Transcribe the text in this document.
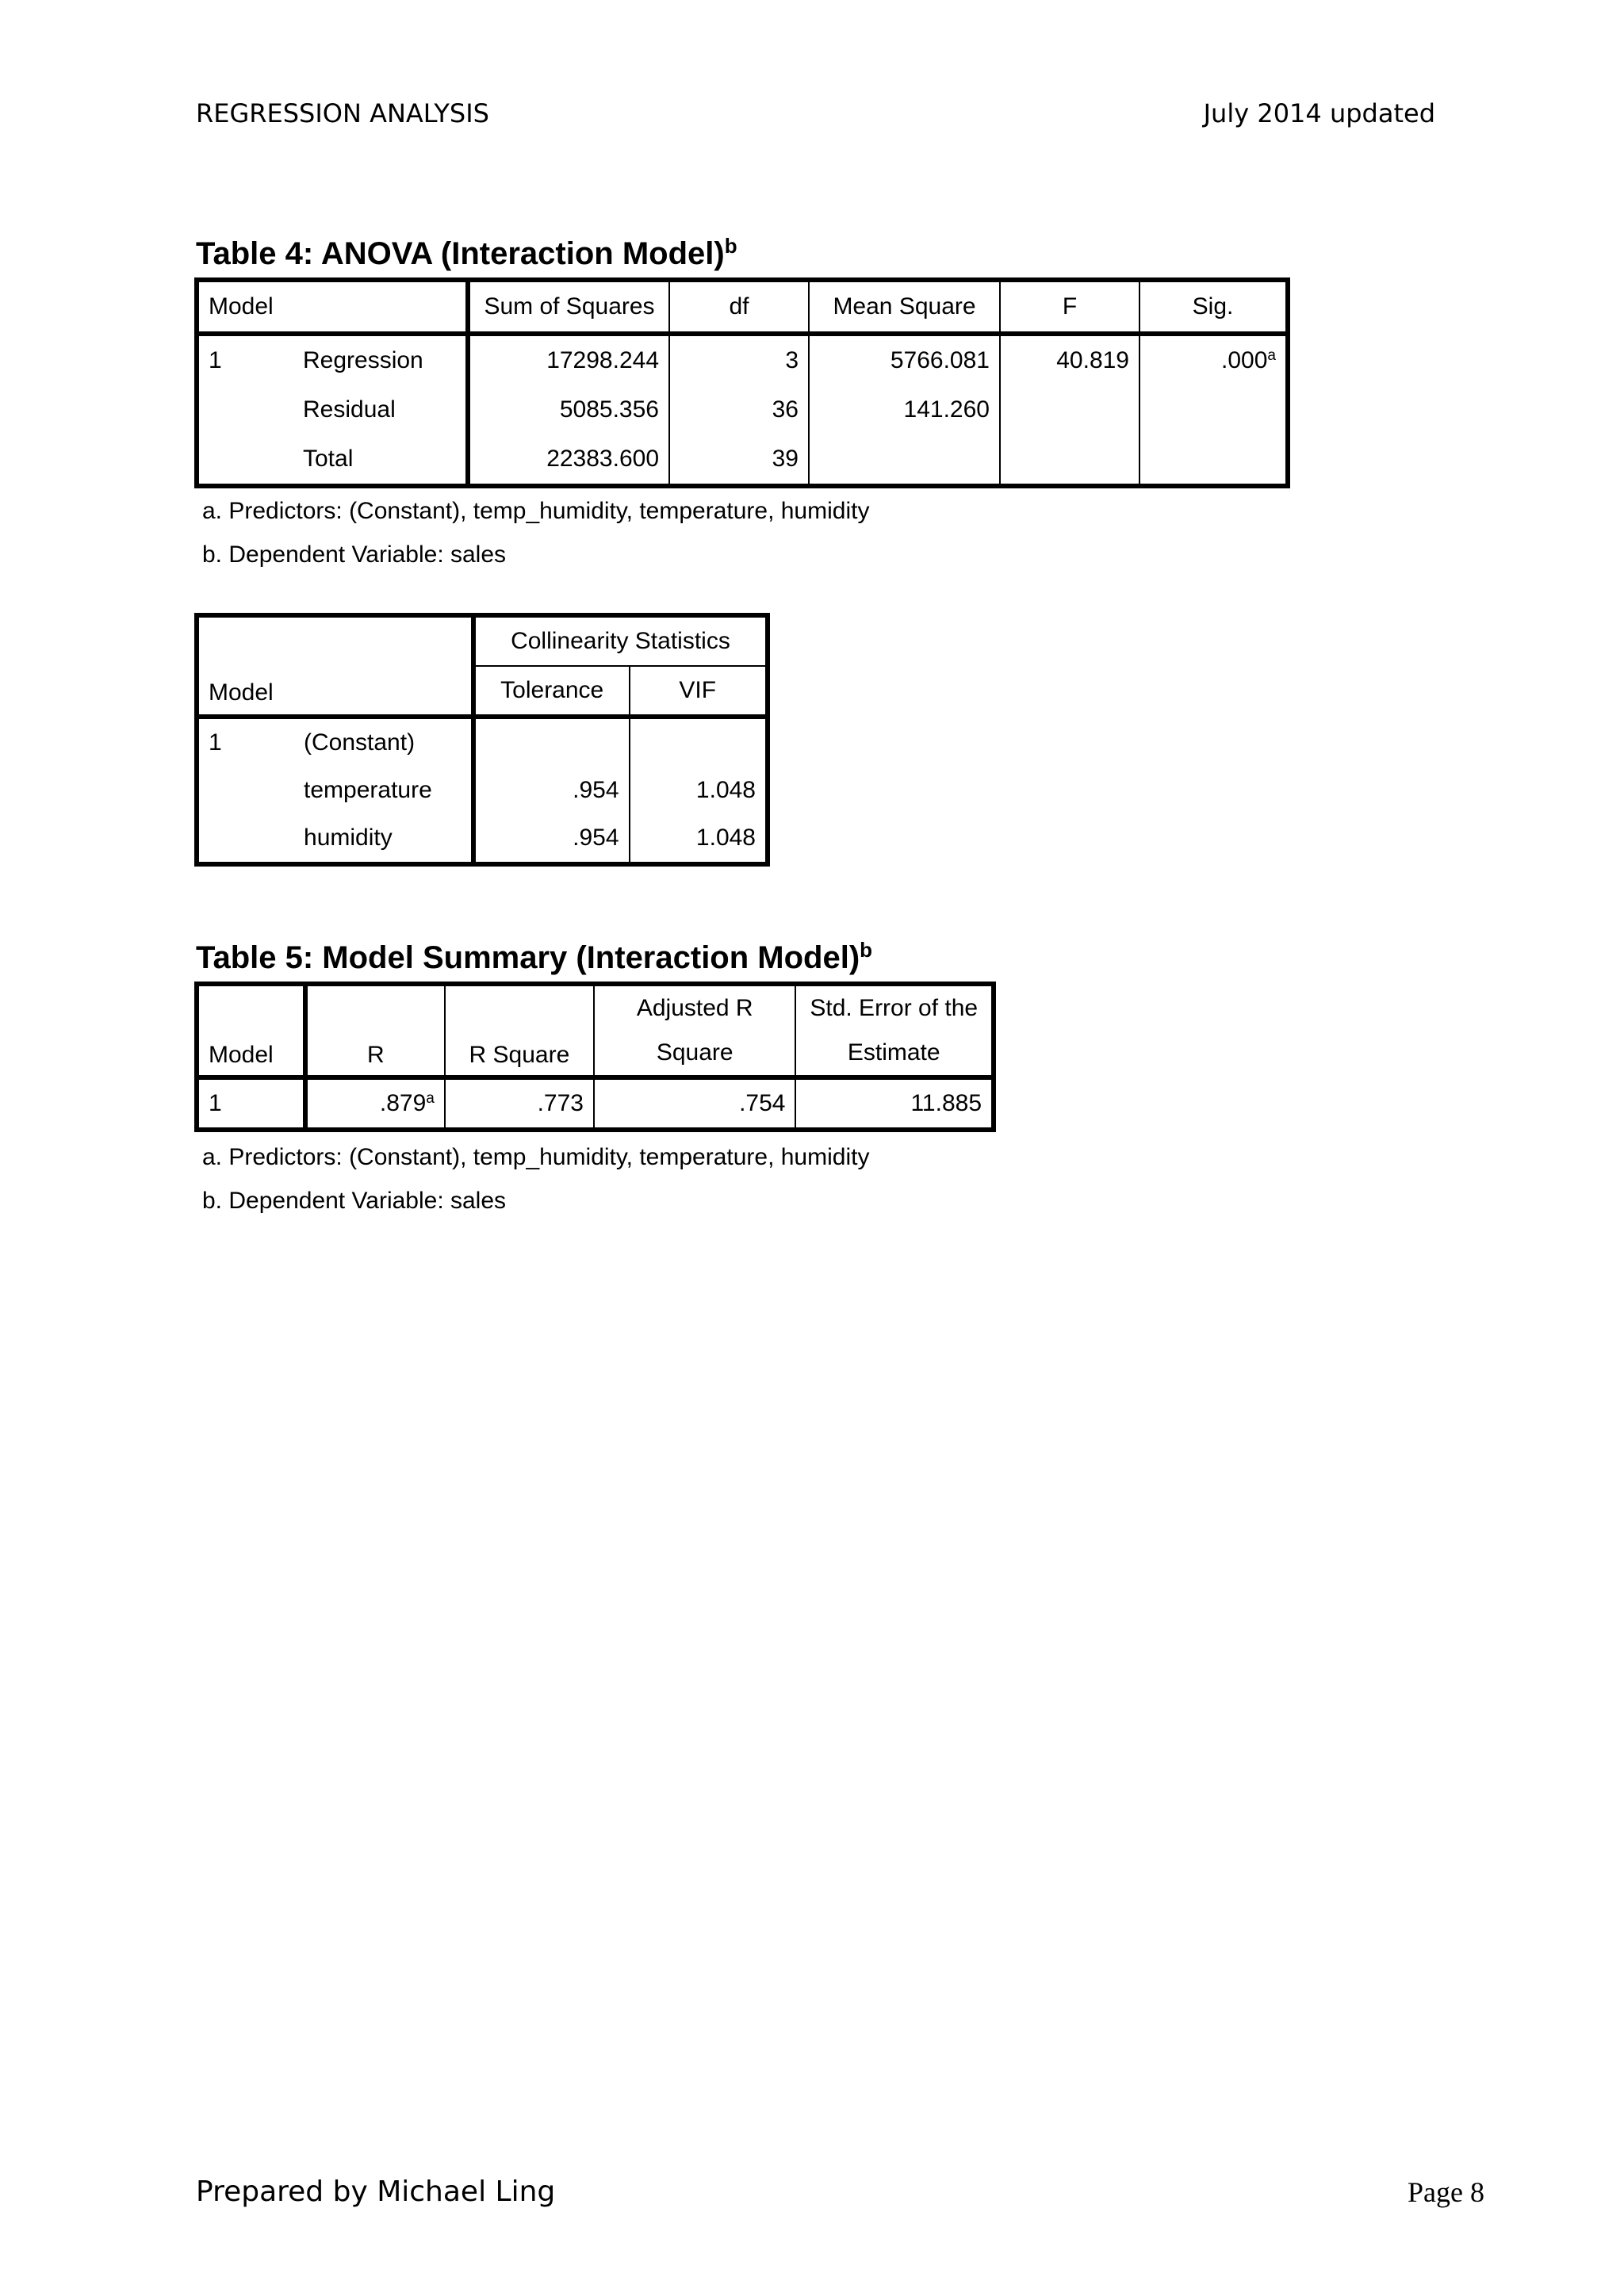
REGRESSION ANALYSIS	July 2014 updated
Table 4: ANOVA (Interaction Model)$^b$
Model		Sum of Squares	df	Mean Square	F	Sig.
1	Regression	17298.244	3	5766.081	40.819	.000$^a$
	Residual	5085.356	36	141.260		
	Total	22383.600	39			
a. Predictors: (Constant), temp_humidity, temperature, humidity
b. Dependent Variable: sales
Model		Collinearity Statistics	
		Tolerance	VIF
1	(Constant)		
	temperature	.954	1.048
	humidity	.954	1.048
Table 5: Model Summary (Interaction Model)$^b$
Model	R	R Square	Adjusted R	Std. Error of the
			Square	Estimate
1	.879$^a$	.773	.754	11.885
a. Predictors: (Constant), temp_humidity, temperature, humidity
b. Dependent Variable: sales
Prepared by Michael Ling	Page 8
